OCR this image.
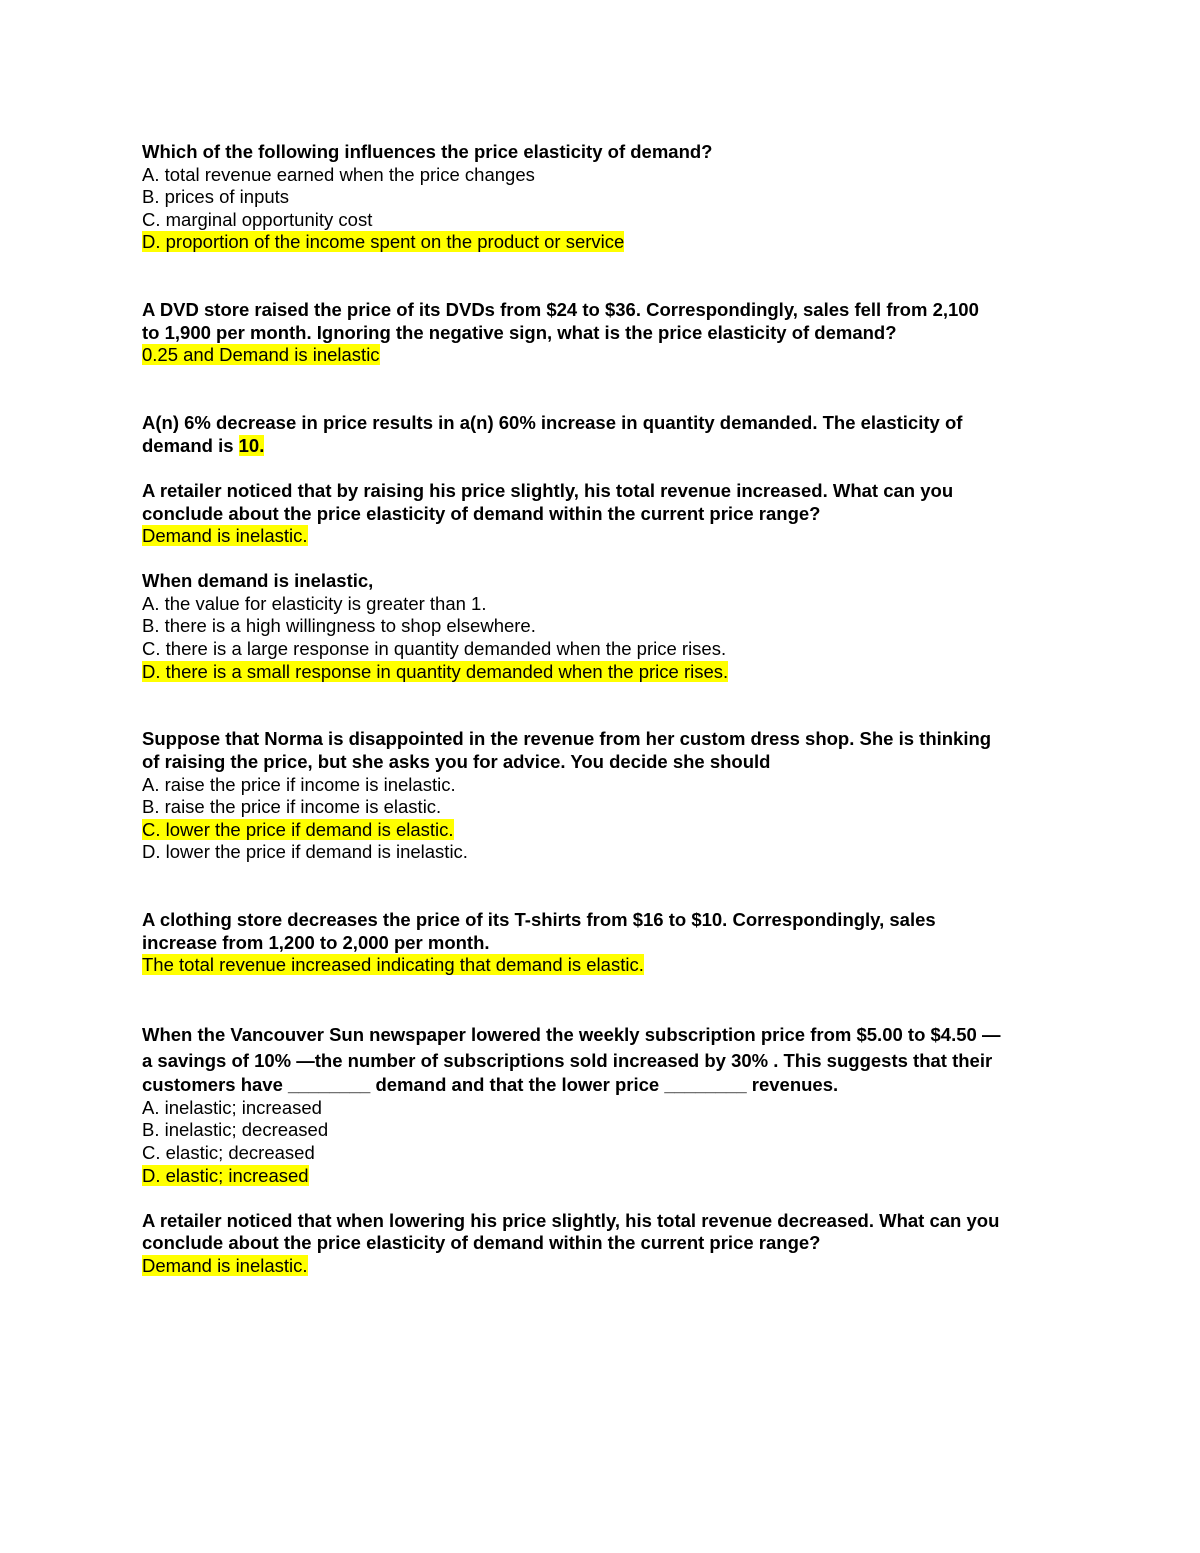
Which of the following influences the price elasticity of demand?
A. total revenue earned when the price changes
B. prices of inputs
C. marginal opportunity cost
D. proportion of the income spent on the product or service
A DVD store raised the price of its DVDs from $24 to $36. Correspondingly, sales fell from 2,100
to 1,900 per month. Ignoring the negative sign, what is the price elasticity of demand?
0.25 and Demand is inelastic
A(n) 6% decrease in price results in a(n) 60% increase in quantity demanded. The elasticity of
demand is 10.
A retailer noticed that by raising his price slightly, his total revenue increased. What can you
conclude about the price elasticity of demand within the current price range?
Demand is inelastic.
When demand is inelastic,
A. the value for elasticity is greater than 1.
B. there is a high willingness to shop elsewhere.
C. there is a large response in quantity demanded when the price rises.
D. there is a small response in quantity demanded when the price rises.
Suppose that Norma is disappointed in the revenue from her custom dress shop. She is thinking
of raising the price, but she asks you for advice. You decide she should
A. raise the price if income is inelastic.
B. raise the price if income is elastic.
C. lower the price if demand is elastic.
D. lower the price if demand is inelastic.
A clothing store decreases the price of its T-shirts from $16 to $10. Correspondingly, sales
increase from 1,200 to 2,000 per month.
The total revenue increased indicating that demand is elastic.
When the Vancouver Sun newspaper lowered the weekly subscription price from $5.00 to $4.50 —
a savings of 10% —the number of subscriptions sold increased by 30% . This suggests that their
customers have ________ demand and that the lower price ________ revenues.
A. inelastic; increased
B. inelastic; decreased
C. elastic; decreased
D. elastic; increased
A retailer noticed that when lowering his price slightly, his total revenue decreased. What can you
conclude about the price elasticity of demand within the current price range?
Demand is inelastic.
